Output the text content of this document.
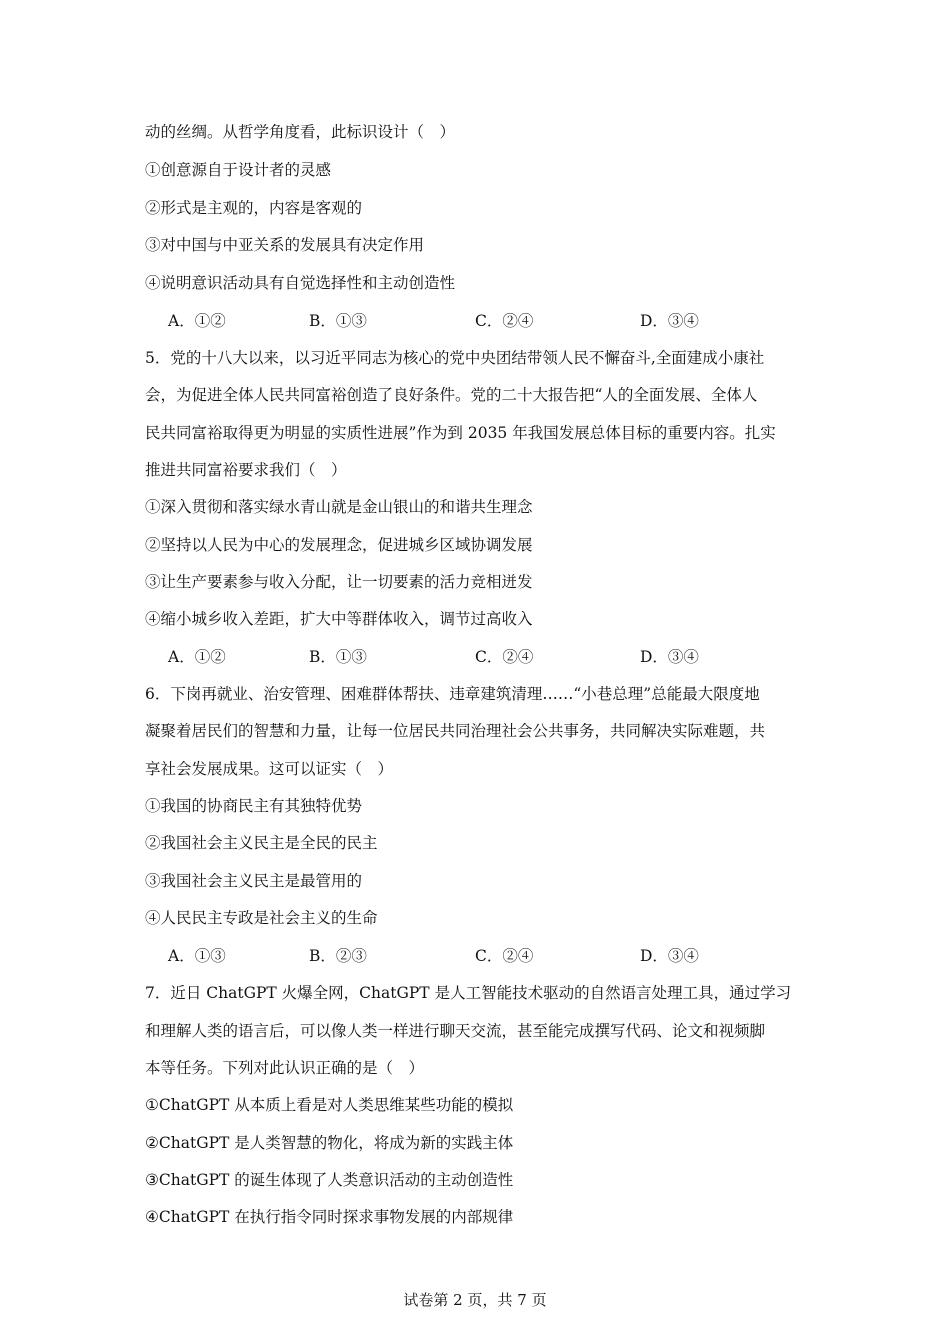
动的丝绸。从哲学角度看，此标识设计（　）
①创意源自于设计者的灵感
②形式是主观的，内容是客观的
③对中国与中亚关系的发展具有决定作用
④说明意识活动具有自觉选择性和主动创造性
A．①②	B．①③	C．②④	D．③④
5．党的十八大以来，以习近平同志为核心的党中央团结带领人民不懈奋斗,全面建成小康社
会，为促进全体人民共同富裕创造了良好条件。党的二十大报告把“人的全面发展、全体人
民共同富裕取得更为明显的实质性进展”作为到 2035 年我国发展总体目标的重要内容。扎实
推进共同富裕要求我们（　）
①深入贯彻和落实绿水青山就是金山银山的和谐共生理念
②坚持以人民为中心的发展理念，促进城乡区域协调发展
③让生产要素参与收入分配，让一切要素的活力竞相迸发
④缩小城乡收入差距，扩大中等群体收入，调节过高收入
A．①②	B．①③	C．②④	D．③④
6．下岗再就业、治安管理、困难群体帮扶、违章建筑清理……“小巷总理”总能最大限度地
凝聚着居民们的智慧和力量，让每一位居民共同治理社会公共事务，共同解决实际难题，共
享社会发展成果。这可以证实（　）
①我国的协商民主有其独特优势
②我国社会主义民主是全民的民主
③我国社会主义民主是最管用的
④人民民主专政是社会主义的生命
A．①③	B．②③	C．②④	D．③④
7．近日 ChatGPT 火爆全网，ChatGPT 是人工智能技术驱动的自然语言处理工具，通过学习
和理解人类的语言后，可以像人类一样进行聊天交流，甚至能完成撰写代码、论文和视频脚
本等任务。下列对此认识正确的是（　）
①ChatGPT 从本质上看是对人类思维某些功能的模拟
②ChatGPT 是人类智慧的物化，将成为新的实践主体
③ChatGPT 的诞生体现了人类意识活动的主动创造性
④ChatGPT 在执行指令同时探求事物发展的内部规律
试卷第 2 页，共 7 页
